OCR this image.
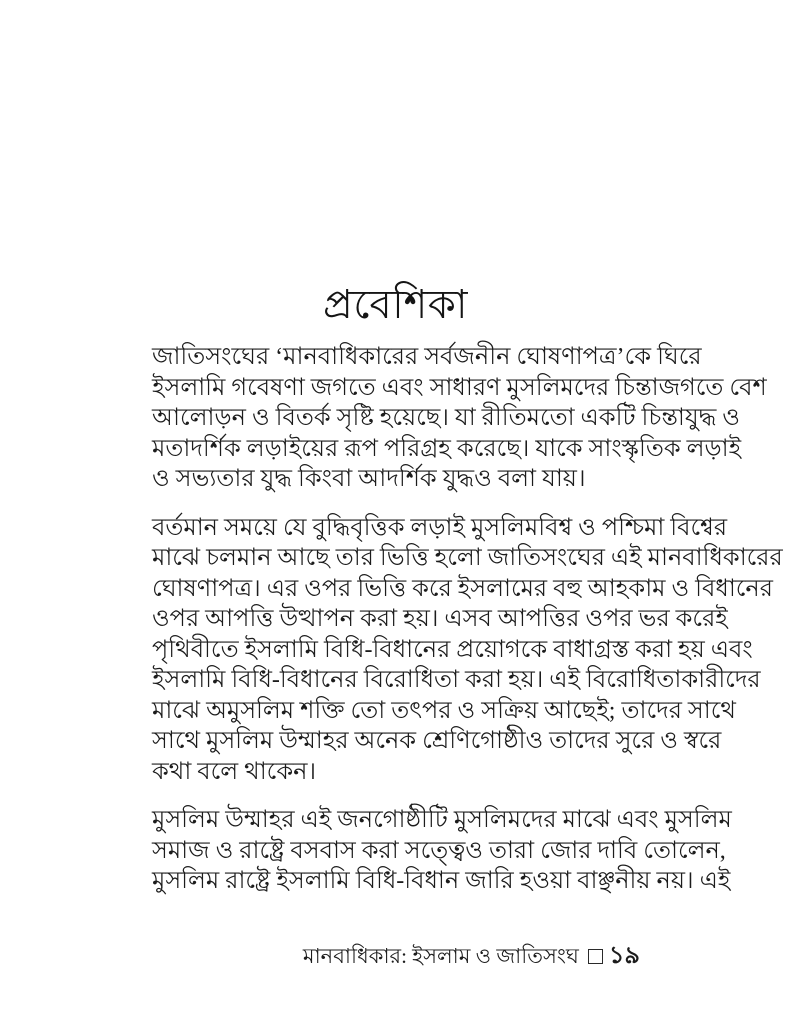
প্রবেশিকা
জাতিসংঘের ‘মানবাধিকারের সর্বজনীন ঘোষণাপত্র’কে ঘিরে
ইসলামি গবেষণা জগতে এবং সাধারণ মুসলিমদের চিন্তাজগতে বেশ
আলোড়ন ও বিতর্ক সৃষ্টি হয়েছে। যা রীতিমতো একটি চিন্তাযুদ্ধ ও
মতাদর্শিক লড়াইয়ের রূপ পরিগ্রহ করেছে। যাকে সাংস্কৃতিক লড়াই
ও সভ্যতার যুদ্ধ কিংবা আদর্শিক যুদ্ধও বলা যায়।
বর্তমান সময়ে যে বুদ্ধিবৃত্তিক লড়াই মুসলিমবিশ্ব ও পশ্চিমা বিশ্বের
মাঝে চলমান আছে তার ভিত্তি হলো জাতিসংঘের এই মানবাধিকারের
ঘোষণাপত্র। এর ওপর ভিত্তি করে ইসলামের বহু আহকাম ও বিধানের
ওপর আপত্তি উত্থাপন করা হয়। এসব আপত্তির ওপর ভর করেই
পৃথিবীতে ইসলামি বিধি-বিধানের প্রয়োগকে বাধাগ্রস্ত করা হয় এবং
ইসলামি বিধি-বিধানের বিরোধিতা করা হয়। এই বিরোধিতাকারীদের
মাঝে অমুসলিম শক্তি তো তৎপর ও সক্রিয় আছেই; তাদের সাথে
সাথে মুসলিম উম্মাহর অনেক শ্রেণিগোষ্ঠীও তাদের সুরে ও স্বরে
কথা বলে থাকেন।
মুসলিম উম্মাহর এই জনগোষ্ঠীটি মুসলিমদের মাঝে এবং মুসলিম
সমাজ ও রাষ্ট্রে বসবাস করা সত্ত্বেও তারা জোর দাবি তোলেন,
মুসলিম রাষ্ট্রে ইসলামি বিধি-বিধান জারি হওয়া বাঞ্ছনীয় নয়। এই
মানবাধিকার: ইসলাম ও জাতিসংঘ ১৯
